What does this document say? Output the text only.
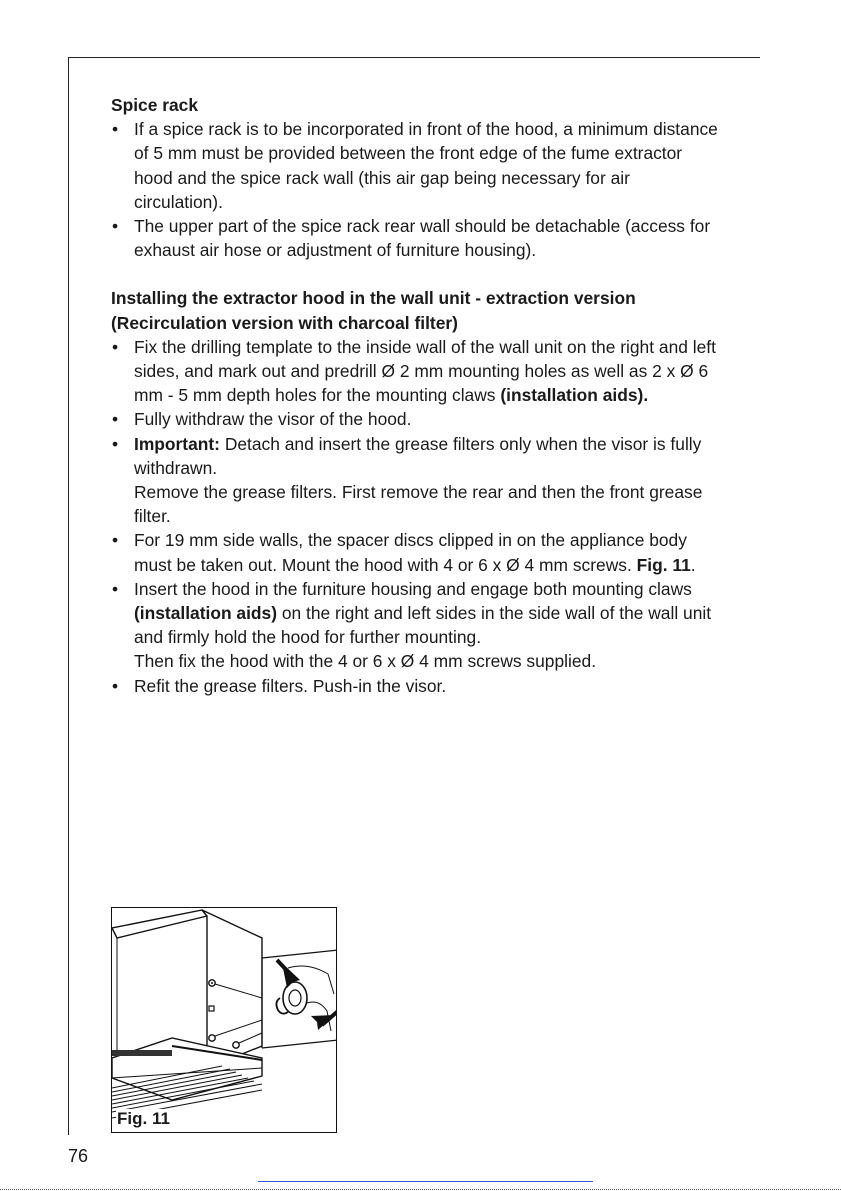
Spice rack

• If a spice rack is to be incorporated in front of the hood, a minimum distance of 5 mm must be provided between the front edge of the fume extractor hood and the spice rack wall (this air gap being necessary for air circulation).
• The upper part of the spice rack rear wall should be detachable (access for exhaust air hose or adjustment of furniture housing).

Installing the extractor hood in the wall unit - extraction version
(Recirculation version with charcoal filter)

• Fix the drilling template to the inside wall of the wall unit on the right and left sides, and mark out and predrill Ø 2 mm mounting holes as well as 2 x Ø 6 mm - 5 mm depth holes for the mounting claws (installation aids).
• Fully withdraw the visor of the hood.
• Important: Detach and insert the grease filters only when the visor is fully withdrawn.
Remove the grease filters. First remove the rear and then the front grease filter.
• For 19 mm side walls, the spacer discs clipped in on the appliance body must be taken out. Mount the hood with 4 or 6 x Ø 4 mm screws. Fig. 11.
• Insert the hood in the furniture housing and engage both mounting claws (installation aids) on the right and left sides in the side wall of the wall unit and firmly hold the hood for further mounting.
Then fix the hood with the 4 or 6 x Ø 4 mm screws supplied.
• Refit the grease filters. Push-in the visor.
Fig. 11
76
